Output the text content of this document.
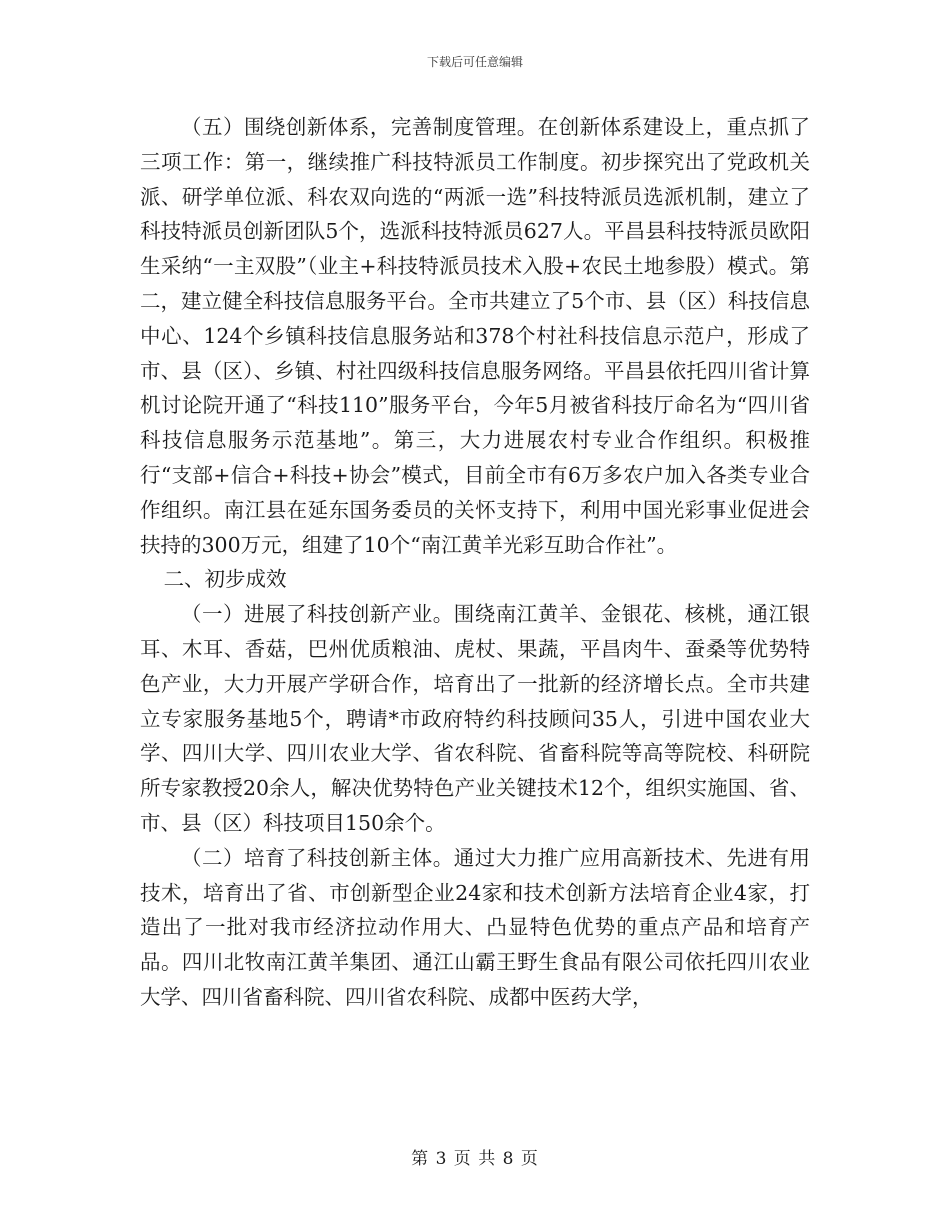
下载后可任意编辑

（五）围绕创新体系，完善制度管理。在创新体系建设上，重点抓了三项工作：第一，继续推广科技特派员工作制度。初步探究出了党政机关派、研学单位派、科农双向选的“两派一选”科技特派员选派机制，建立了科技特派员创新团队5个，选派科技特派员627人。平昌县科技特派员欧阳生采纳“一主双股”（业主+科技特派员技术入股+农民土地参股）模式。第二，建立健全科技信息服务平台。全市共建立了5个市、县（区）科技信息中心、124个乡镇科技信息服务站和378个村社科技信息示范户，形成了市、县（区）、乡镇、村社四级科技信息服务网络。平昌县依托四川省计算机讨论院开通了“科技110”服务平台，今年5月被省科技厅命名为“四川省科技信息服务示范基地”。第三，大力进展农村专业合作组织。积极推行“支部+信合+科技+协会”模式，目前全市有6万多农户加入各类专业合作组织。南江县在延东国务委员的关怀支持下，利用中国光彩事业促进会扶持的300万元，组建了10个“南江黄羊光彩互助合作社”。

二、初步成效

（一）进展了科技创新产业。围绕南江黄羊、金银花、核桃，通江银耳、木耳、香菇，巴州优质粮油、虎杖、果蔬，平昌肉牛、蚕桑等优势特色产业，大力开展产学研合作，培育出了一批新的经济增长点。全市共建立专家服务基地5个，聘请*市政府特约科技顾问35人，引进中国农业大学、四川大学、四川农业大学、省农科院、省畜科院等高等院校、科研院所专家教授20余人，解决优势特色产业关键技术12个，组织实施国、省、市、县（区）科技项目150余个。

（二）培育了科技创新主体。通过大力推广应用高新技术、先进有用技术，培育出了省、市创新型企业24家和技术创新方法培育企业4家，打造出了一批对我市经济拉动作用大、凸显特色优势的重点产品和培育产品。四川北牧南江黄羊集团、通江山霸王野生食品有限公司依托四川农业大学、四川省畜科院、四川省农科院、成都中医药大学，

第 3 页 共 8 页
